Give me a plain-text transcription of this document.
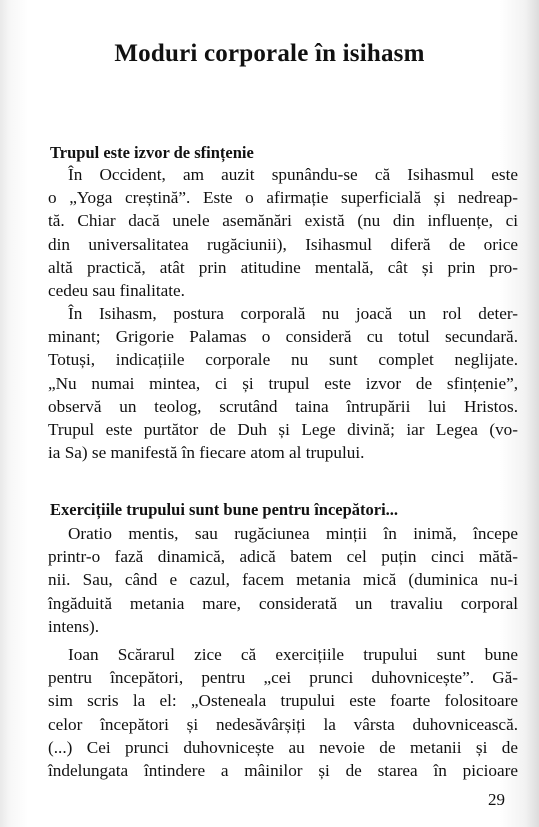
Moduri corporale în isihasm
Trupul este izvor de sfințenie
În Occident, am auzit spunându-se că Isihasmul este
o „Yoga creștină”. Este o afirmație superficială și nedreap-
tă. Chiar dacă unele asemănări există (nu din influențe, ci
din universalitatea rugăciunii), Isihasmul diferă de orice
altă practică, atât prin atitudine mentală, cât și prin pro-
cedeu sau finalitate.
În Isihasm, postura corporală nu joacă un rol deter-
minant; Grigorie Palamas o consideră cu totul secundară.
Totuși, indicațiile corporale nu sunt complet neglijate.
„Nu numai mintea, ci și trupul este izvor de sfințenie”,
observă un teolog, scrutând taina întrupării lui Hristos.
Trupul este purtător de Duh și Lege divină; iar Legea (vo-
ia Sa) se manifestă în fiecare atom al trupului.
Exercițiile trupului sunt bune pentru începători...
Oratio mentis, sau rugăciunea minții în inimă, începe
printr-o fază dinamică, adică batem cel puțin cinci mătă-
nii. Sau, când e cazul, facem metania mică (duminica nu-i
îngăduită metania mare, considerată un travaliu corporal
intens).
Ioan Scărarul zice că exercițiile trupului sunt bune
pentru începători, pentru „cei prunci duhovnicește”. Gă-
sim scris la el: „Osteneala trupului este foarte folositoare
celor începători și nedesăvârșiți la vârsta duhovnicească.
(...) Cei prunci duhovnicește au nevoie de metanii și de
îndelungata întindere a mâinilor și de starea în picioare
29
